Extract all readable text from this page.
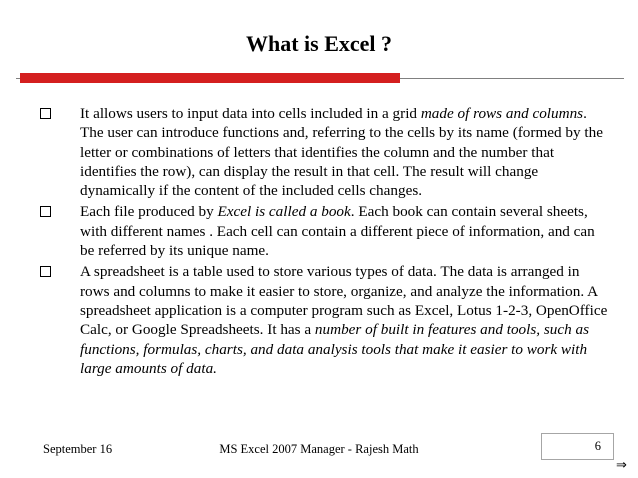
What is Excel ?
It allows users to input data into cells included in a grid made of rows and columns. The user can introduce functions and, referring to the cells by its name (formed by the letter or combinations of letters that identifies the column and the number that identifies the row), can display the result in that cell. The result will change dynamically if the content of the included cells changes.
Each file produced by Excel is called a book. Each book can contain several sheets, with different names . Each cell can contain a different piece of information, and can be referred by its unique name.
A spreadsheet is a table used to store various types of data. The data is arranged in rows and columns to make it easier to store, organize, and analyze the information. A spreadsheet application is a computer program such as Excel, Lotus 1-2-3, OpenOffice Calc, or Google Spreadsheets. It has a number of built in features and tools, such as functions, formulas, charts, and data analysis tools that make it easier to work with large amounts of data.
September 16	MS Excel 2007 Manager - Rajesh Math	6
⇒
